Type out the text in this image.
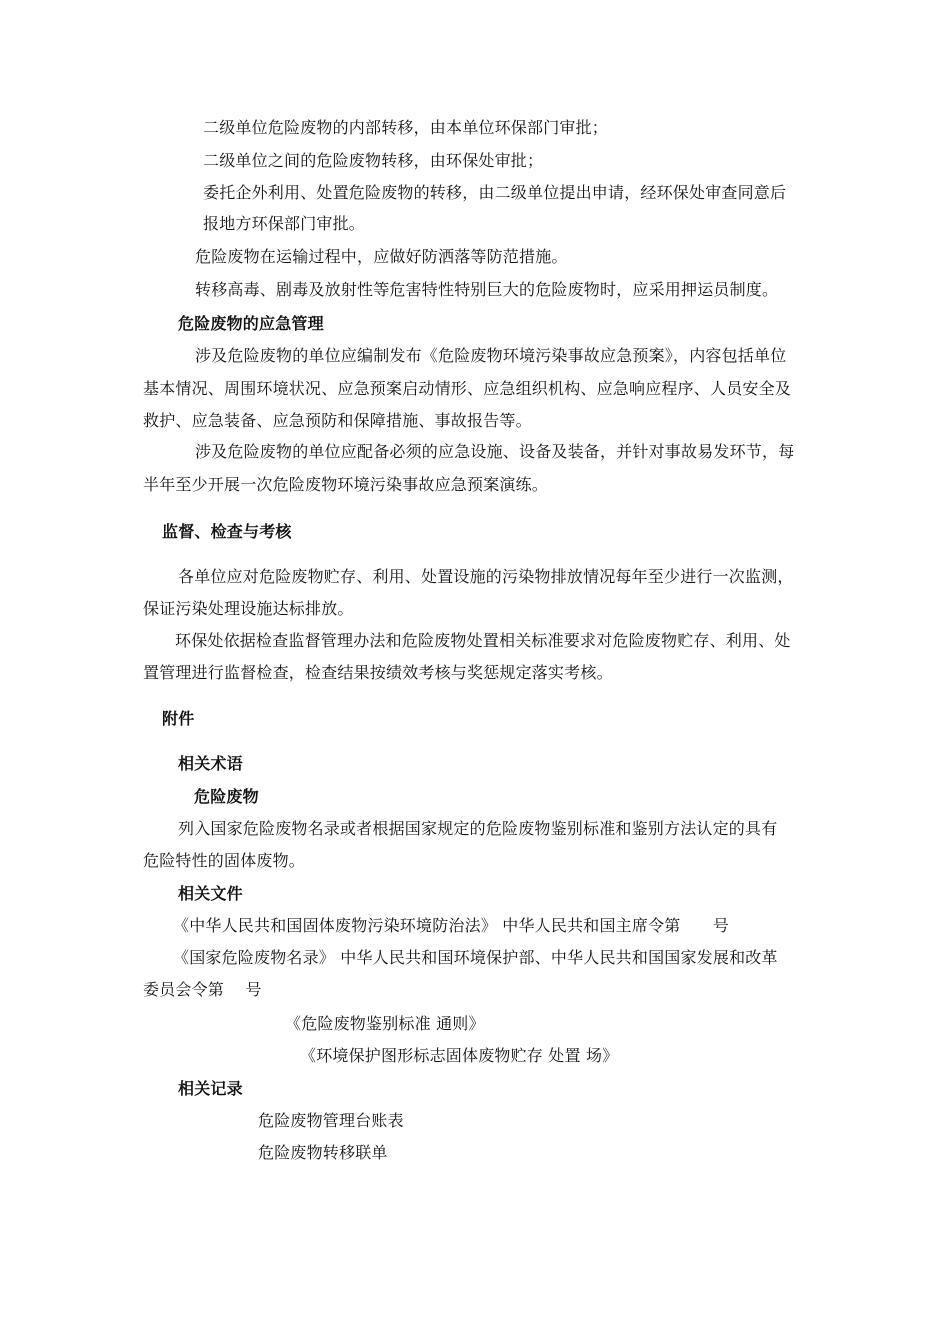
二级单位危险废物的内部转移，由本单位环保部门审批；
二级单位之间的危险废物转移，由环保处审批；
委托企外利用、处置危险废物的转移，由二级单位提出申请，经环保处审查同意后
报地方环保部门审批。
危险废物在运输过程中，应做好防洒落等防范措施。
转移高毒、剧毒及放射性等危害特性特别巨大的危险废物时，应采用押运员制度。
危险废物的应急管理
涉及危险废物的单位应编制发布《危险废物环境污染事故应急预案》，内容包括单位
基本情况、周围环境状况、应急预案启动情形、应急组织机构、应急响应程序、人员安全及
救护、应急装备、应急预防和保障措施、事故报告等。
涉及危险废物的单位应配备必须的应急设施、设备及装备，并针对事故易发环节，每
半年至少开展一次危险废物环境污染事故应急预案演练。
监督、检查与考核
各单位应对危险废物贮存、利用、处置设施的污染物排放情况每年至少进行一次监测，
保证污染处理设施达标排放。
环保处依据检查监督管理办法和危险废物处置相关标准要求对危险废物贮存、利用、处
置管理进行监督检查，检查结果按绩效考核与奖惩规定落实考核。
附件
相关术语
危险废物
列入国家危险废物名录或者根据国家规定的危险废物鉴别标准和鉴别方法认定的具有
危险特性的固体废物。
相关文件
《中华人民共和国固体废物污染环境防治法》 中华人民共和国主席令第　　号
《国家危险废物名录》 中华人民共和国环境保护部、中华人民共和国国家发展和改革
委员会令第　 号
《危险废物鉴别标准 通则》
《环境保护图形标志固体废物贮存 处置 场》
相关记录
危险废物管理台账表
危险废物转移联单
